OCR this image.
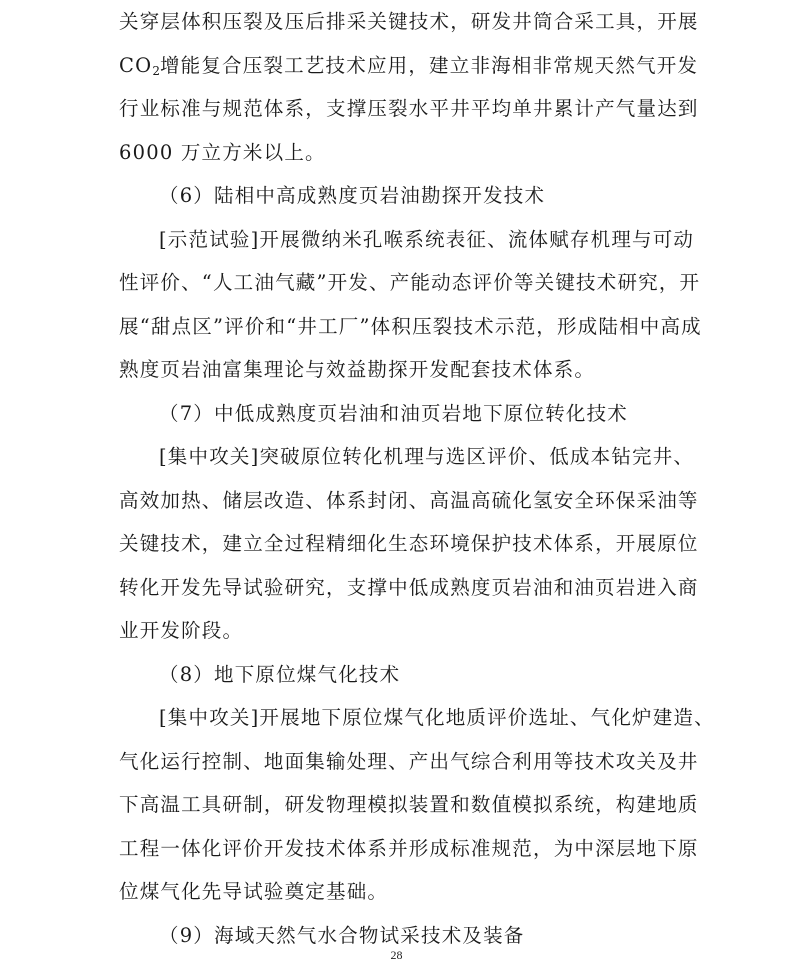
关穿层体积压裂及压后排采关键技术，研发井筒合采工具，开展
$CO_2$增能复合压裂工艺技术应用，建立非海相非常规天然气开发
行业标准与规范体系，支撑压裂水平井平均单井累计产气量达到
6000 万立方米以上。
（6）陆相中高成熟度页岩油勘探开发技术
[示范试验]开展微纳米孔喉系统表征、流体赋存机理与可动
性评价、“人工油气藏”开发、产能动态评价等关键技术研究，开
展“甜点区”评价和“井工厂”体积压裂技术示范，形成陆相中高成
熟度页岩油富集理论与效益勘探开发配套技术体系。
（7）中低成熟度页岩油和油页岩地下原位转化技术
[集中攻关]突破原位转化机理与选区评价、低成本钻完井、
高效加热、储层改造、体系封闭、高温高硫化氢安全环保采油等
关键技术，建立全过程精细化生态环境保护技术体系，开展原位
转化开发先导试验研究，支撑中低成熟度页岩油和油页岩进入商
业开发阶段。
（8）地下原位煤气化技术
[集中攻关]开展地下原位煤气化地质评价选址、气化炉建造、
气化运行控制、地面集输处理、产出气综合利用等技术攻关及井
下高温工具研制，研发物理模拟装置和数值模拟系统，构建地质
工程一体化评价开发技术体系并形成标准规范，为中深层地下原
位煤气化先导试验奠定基础。
（9）海域天然气水合物试采技术及装备
28
